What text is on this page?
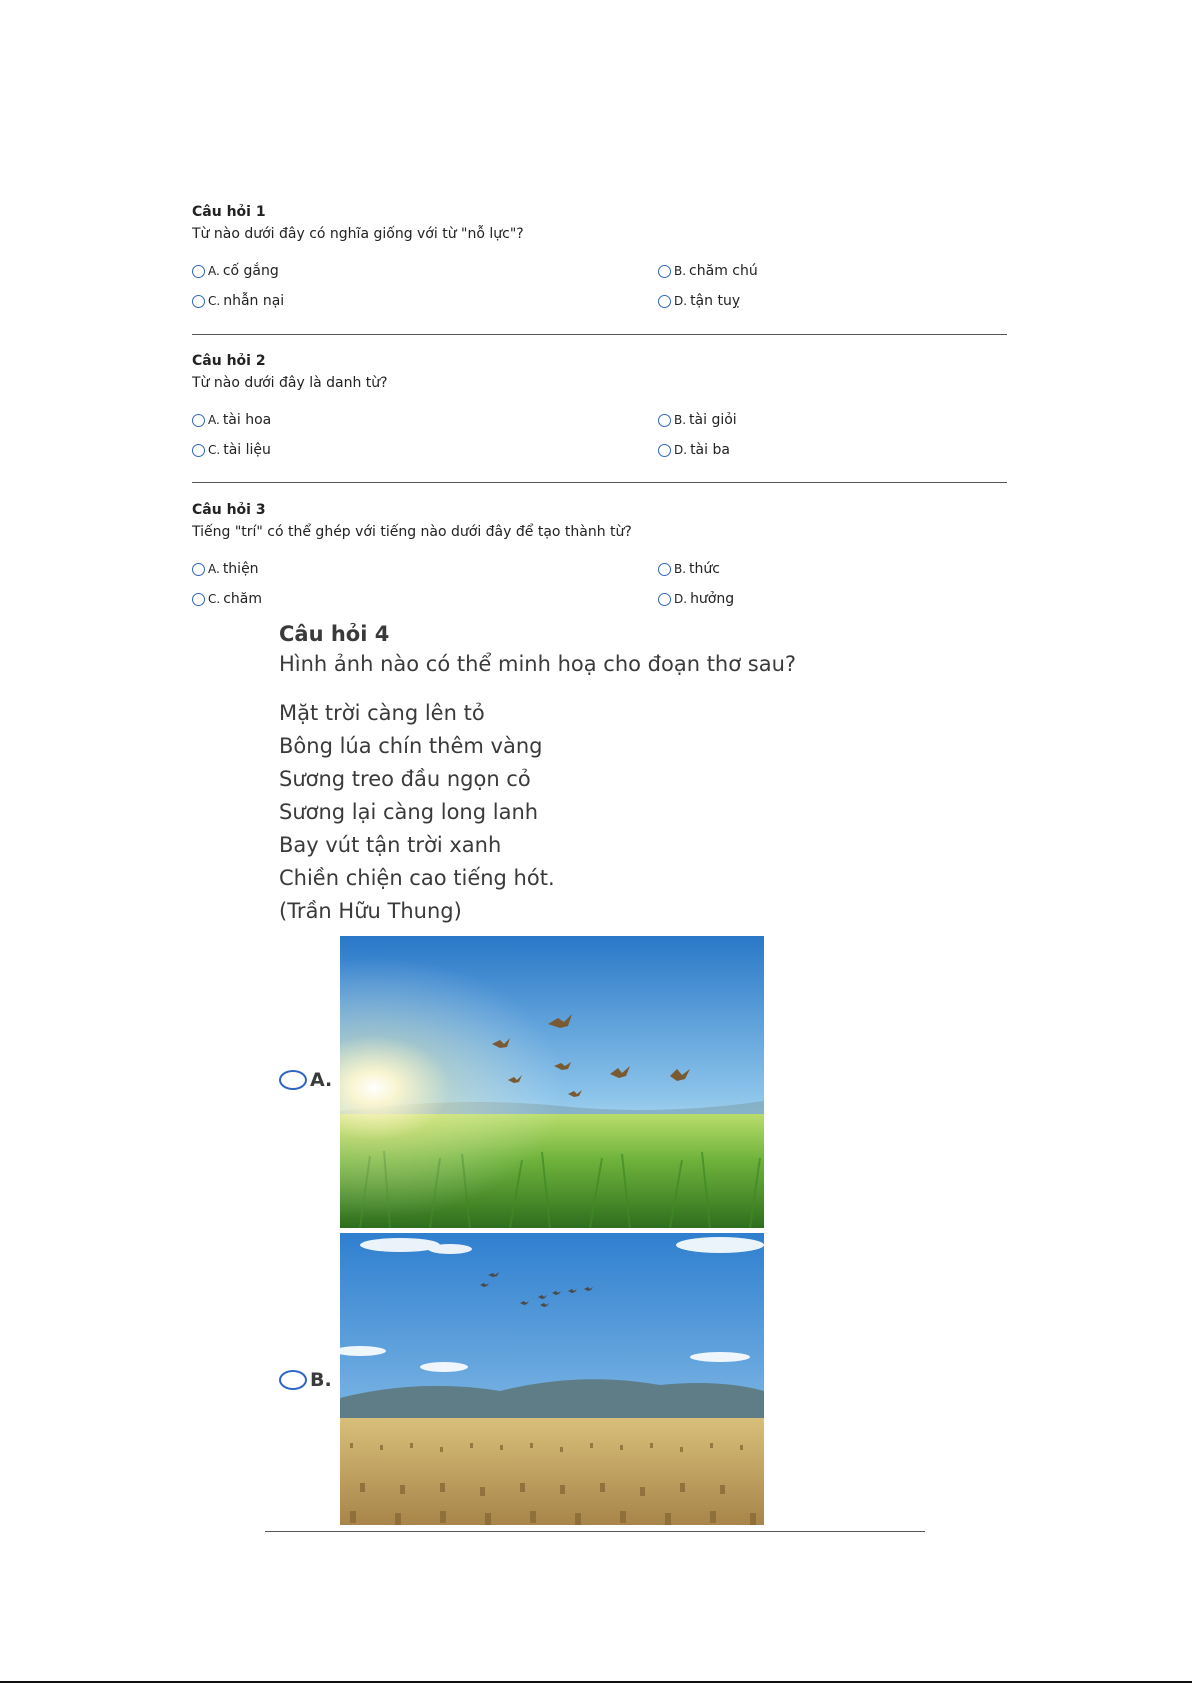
Câu hỏi 1
Từ nào dưới đây có nghĩa giống với từ "nỗ lực"?
A. cố gắng	B. chăm chú
C. nhẫn nại	D. tận tuỵ
Câu hỏi 2
Từ nào dưới đây là danh từ?
A. tài hoa	B. tài giỏi
C. tài liệu	D. tài ba
Câu hỏi 3
Tiếng "trí" có thể ghép với tiếng nào dưới đây để tạo thành từ?
A. thiện	B. thức
C. chăm	D. hưởng
Câu hỏi 4
Hình ảnh nào có thể minh hoạ cho đoạn thơ sau?
Mặt trời càng lên tỏ
Bông lúa chín thêm vàng
Sương treo đầu ngọn cỏ
Sương lại càng long lanh
Bay vút tận trời xanh
Chiền chiện cao tiếng hót.
(Trần Hữu Thung)
A.
B.
